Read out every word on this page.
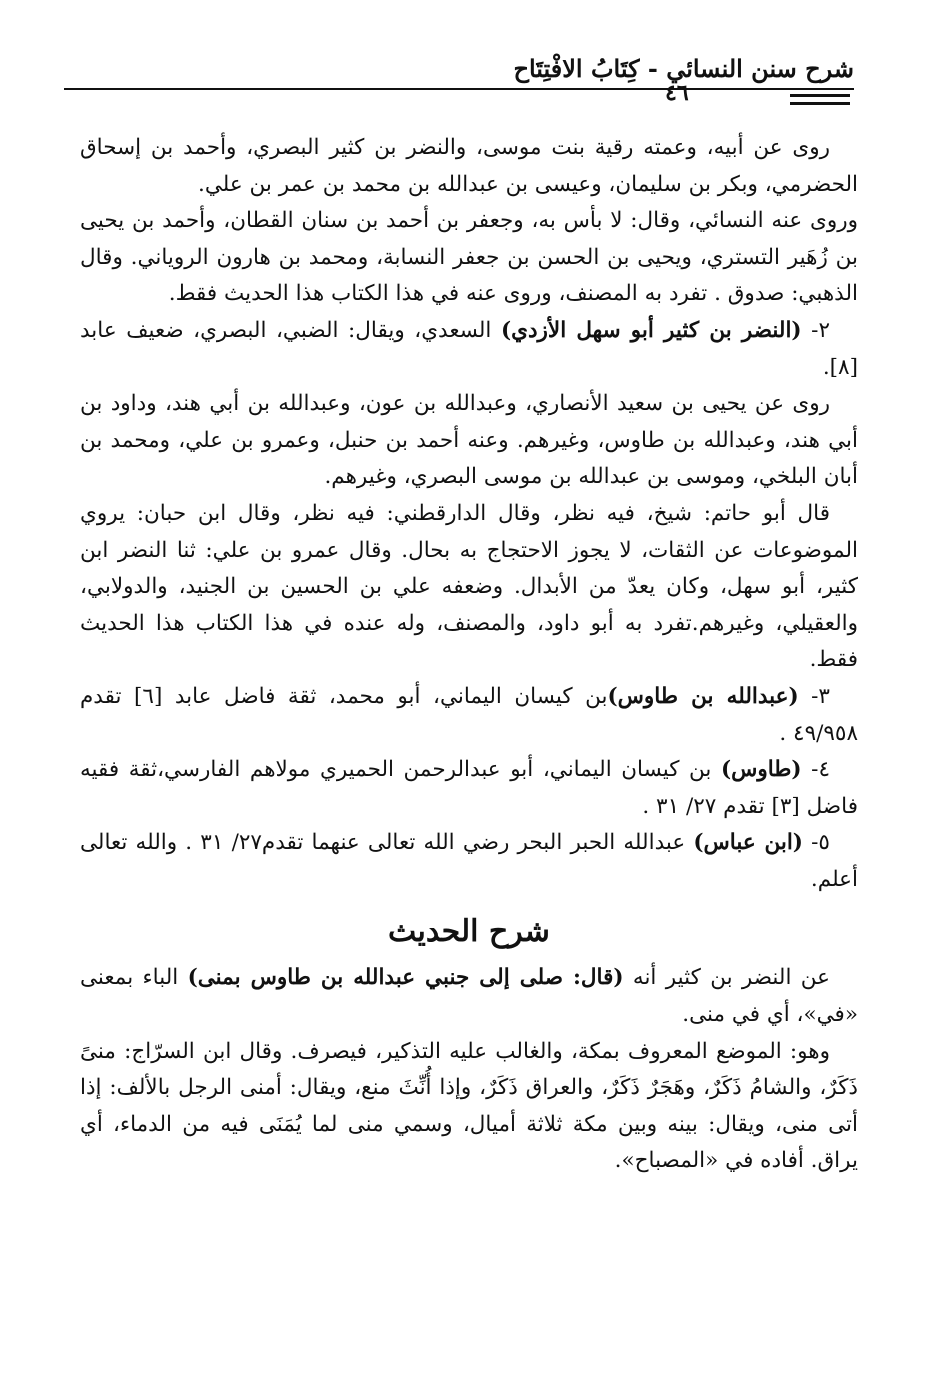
شرح سنن النسائي - كِتَابُ الافْتِتَاح
٤٦

روى عن أبيه، وعمته رقية بنت موسى، والنضر بن كثير البصري، وأحمد بن إسحاق الحضرمي، وبكر بن سليمان، وعيسى بن عبدالله بن محمد بن عمر بن علي.

وروى عنه النسائي، وقال: لا بأس به، وجعفر بن أحمد بن سنان القطان، وأحمد بن يحيى بن زُهَير التستري، ويحيى بن الحسن بن جعفر النسابة، ومحمد بن هارون الروياني. وقال الذهبي: صدوق . تفرد به المصنف، وروى عنه في هذا الكتاب هذا الحديث فقط.

٢- (النضر بن كثير أبو سهل الأزدي) السعدي، ويقال: الضبي، البصري، ضعيف عابد [٨].

روى عن يحيى بن سعيد الأنصاري، وعبدالله بن عون، وعبدالله بن أبي هند، وداود بن أبي هند، وعبدالله بن طاوس، وغيرهم. وعنه أحمد بن حنبل، وعمرو بن علي، ومحمد بن أبان البلخي، وموسى بن عبدالله بن موسى البصري، وغيرهم.

قال أبو حاتم: شيخ، فيه نظر، وقال الدارقطني: فيه نظر، وقال ابن حبان: يروي الموضوعات عن الثقات، لا يجوز الاحتجاج به بحال. وقال عمرو بن علي: ثنا النضر ابن كثير، أبو سهل، وكان يعدّ من الأبدال. وضعفه علي بن الحسين بن الجنيد، والدولابي، والعقيلي، وغيرهم.تفرد به أبو داود، والمصنف، وله عنده في هذا الكتاب هذا الحديث فقط.

٣- (عبدالله بن طاوس)بن كيسان اليماني، أبو محمد، ثقة فاضل عابد [٦] تقدم ٤٩/٩٥٨ .

٤- (طاوس) بن كيسان اليماني، أبو عبدالرحمن الحميري مولاهم الفارسي،ثقة فقيه فاضل [٣] تقدم ٢٧/ ٣١ .

٥- (ابن عباس) عبدالله الحبر البحر رضي الله تعالى عنهما تقدم٢٧/ ٣١ . والله تعالى أعلم.

شرح الحديث

عن النضر بن كثير أنه (قال: صلى إلى جنبي عبدالله بن طاوس بمنى) الباء بمعنى «في»، أي في منى.

وهو: الموضع المعروف بمكة، والغالب عليه التذكير، فيصرف. وقال ابن السرّاج: منىً ذَكَرٌ، والشامُ ذَكَرٌ، وهَجَرٌ ذَكَرٌ، والعراق ذَكَرٌ، وإذا أُنِّثَ منع، ويقال: أمنى الرجل بالألف: إذا أتى منى، ويقال: بينه وبين مكة ثلاثة أميال، وسمي منى لما يُمَنَى فيه من الدماء، أي يراق. أفاده في «المصباح».
